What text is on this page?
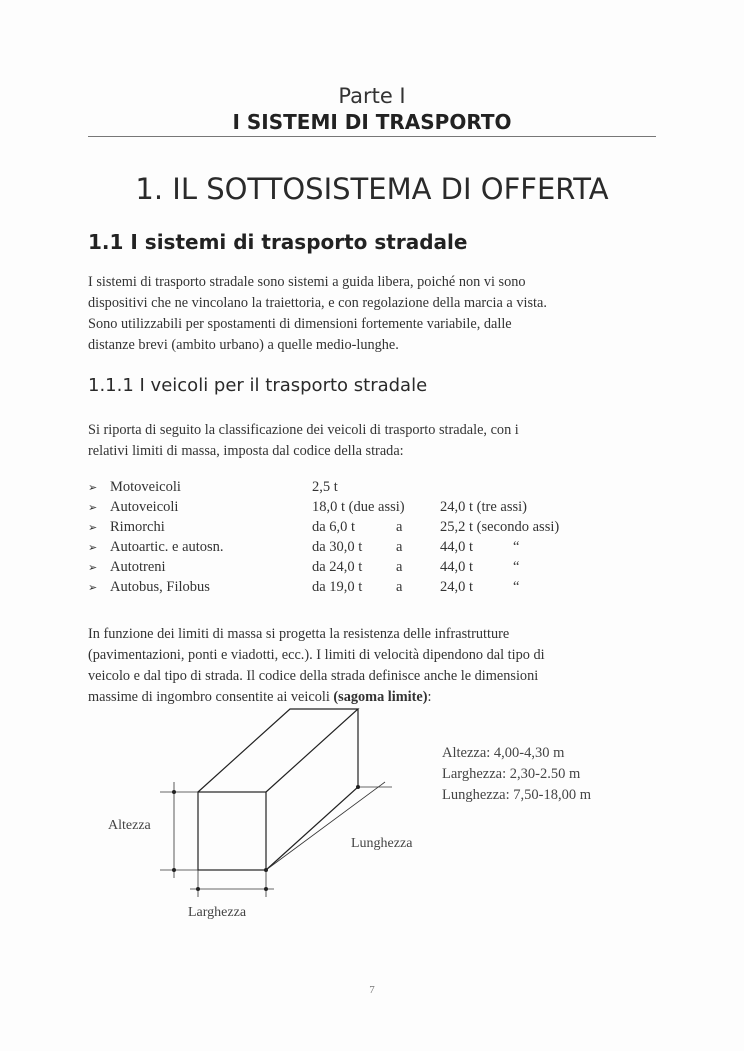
Parte I
I SISTEMI DI TRASPORTO
1. IL SOTTOSISTEMA DI OFFERTA
1.1 I sistemi di trasporto stradale
I sistemi di trasporto stradale sono sistemi a guida libera, poiché non vi sono
dispositivi che ne vincolano la traiettoria, e con regolazione della marcia a vista.
Sono utilizzabili per spostamenti di dimensioni fortemente variabile, dalle
distanze brevi (ambito urbano) a quelle medio-lunghe.
1.1.1 I veicoli per il trasporto stradale
Si riporta di seguito la classificazione dei veicoli di trasporto stradale, con i
relativi limiti di massa, imposta dal codice della strada:
➢ Motoveicoli	2,5 t
➢ Autoveicoli	18,0 t (due assi) 24,0 t (tre assi)
➢ Rimorchi	da 6,0 t	a	25,2 t (secondo assi)
➢ Autoartic. e autosn.	da 30,0 t a	44,0 t	“
➢ Autotreni	da 24,0 t a	44,0 t	“
➢ Autobus, Filobus	da 19,0 t a	24,0 t	“
In funzione dei limiti di massa si progetta la resistenza delle infrastrutture
(pavimentazioni, ponti e viadotti, ecc.). I limiti di velocità dipendono dal tipo di
veicolo e dal tipo di strada. Il codice della strada definisce anche le dimensioni
massime di ingombro consentite ai veicoli (sagoma limite):
Altezza
Lunghezza
Larghezza
Altezza: 4,00-4,30 m
Larghezza: 2,30-2.50 m
Lunghezza: 7,50-18,00 m
7
